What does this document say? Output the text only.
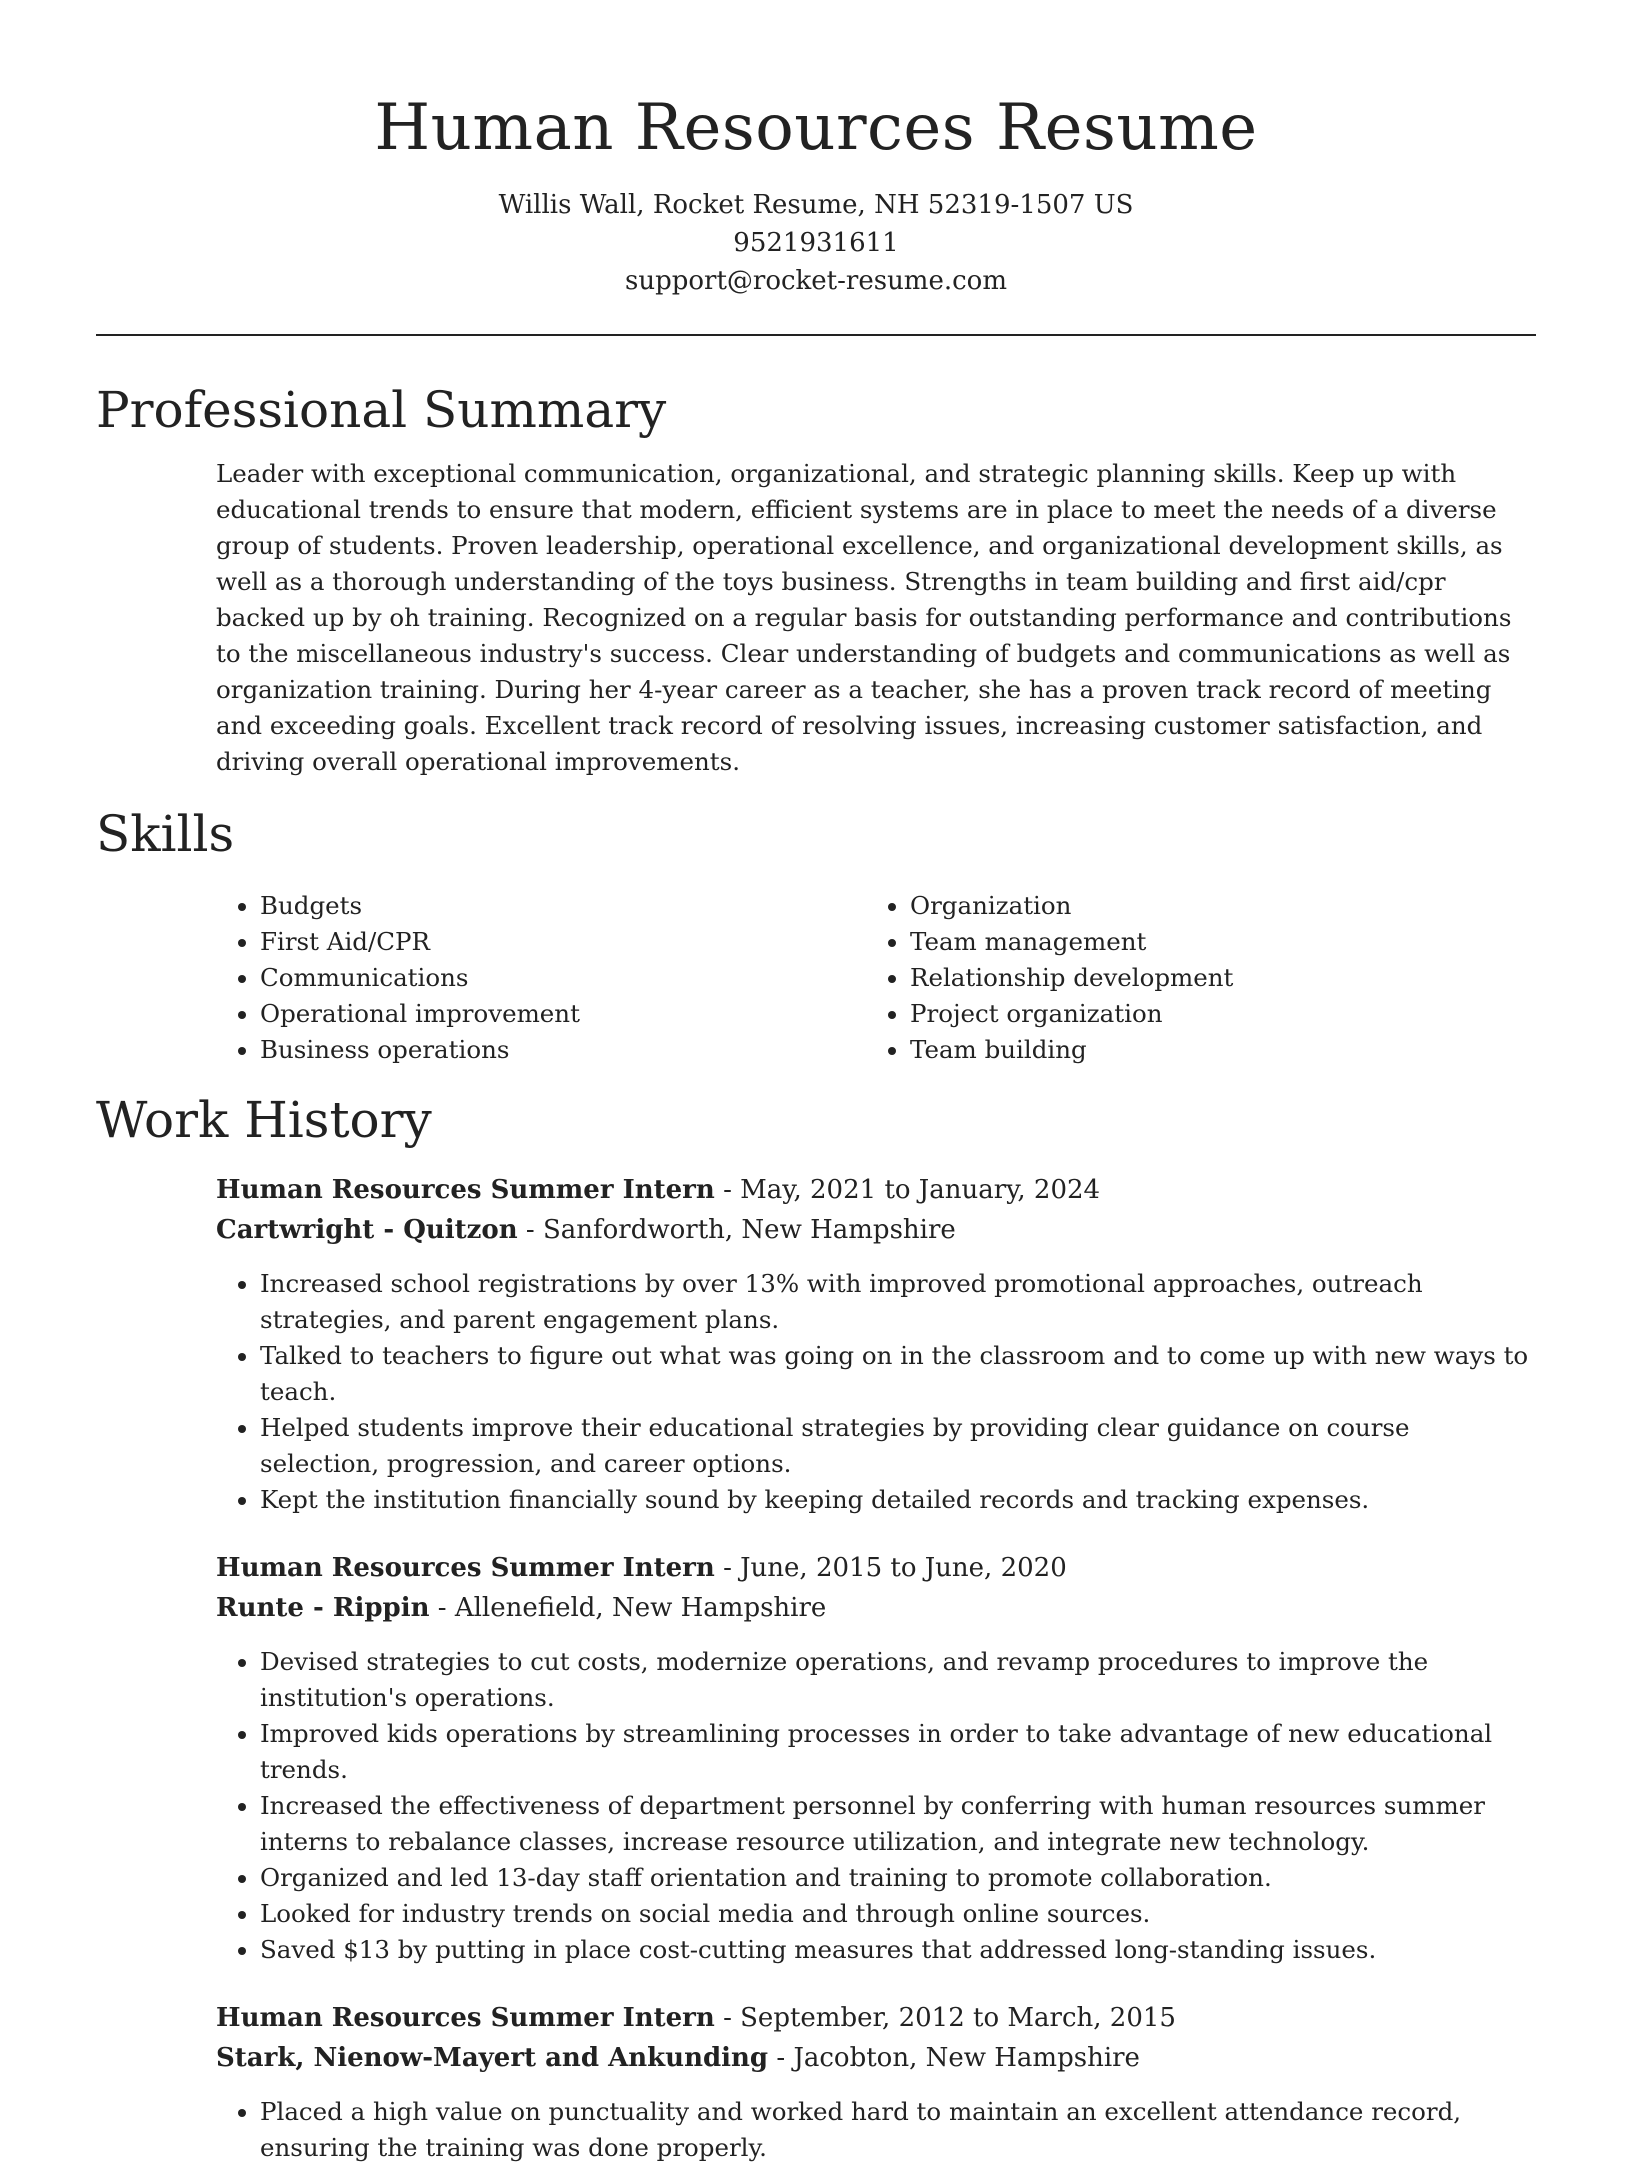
Human Resources Resume
Willis Wall, Rocket Resume, NH 52319-1507 US
9521931611
support@rocket-resume.com
Professional Summary
Leader with exceptional communication, organizational, and strategic planning skills. Keep up with educational trends to ensure that modern, efficient systems are in place to meet the needs of a diverse group of students. Proven leadership, operational excellence, and organizational development skills, as well as a thorough understanding of the toys business. Strengths in team building and first aid/cpr backed up by oh training. Recognized on a regular basis for outstanding performance and contributions to the miscellaneous industry's success. Clear understanding of budgets and communications as well as organization training. During her 4-year career as a teacher, she has a proven track record of meeting and exceeding goals. Excellent track record of resolving issues, increasing customer satisfaction, and driving overall operational improvements.
Skills
• Budgets
• First Aid/CPR
• Communications
• Operational improvement
• Business operations
• Organization
• Team management
• Relationship development
• Project organization
• Team building
Work History
Human Resources Summer Intern - May, 2021 to January, 2024
Cartwright - Quitzon - Sanfordworth, New Hampshire
• Increased school registrations by over 13% with improved promotional approaches, outreach strategies, and parent engagement plans.
• Talked to teachers to figure out what was going on in the classroom and to come up with new ways to teach.
• Helped students improve their educational strategies by providing clear guidance on course selection, progression, and career options.
• Kept the institution financially sound by keeping detailed records and tracking expenses.
Human Resources Summer Intern - June, 2015 to June, 2020
Runte - Rippin - Allenefield, New Hampshire
• Devised strategies to cut costs, modernize operations, and revamp procedures to improve the institution's operations.
• Improved kids operations by streamlining processes in order to take advantage of new educational trends.
• Increased the effectiveness of department personnel by conferring with human resources summer interns to rebalance classes, increase resource utilization, and integrate new technology.
• Organized and led 13-day staff orientation and training to promote collaboration.
• Looked for industry trends on social media and through online sources.
• Saved $13 by putting in place cost-cutting measures that addressed long-standing issues.
Human Resources Summer Intern - September, 2012 to March, 2015
Stark, Nienow-Mayert and Ankunding - Jacobton, New Hampshire
• Placed a high value on punctuality and worked hard to maintain an excellent attendance record, ensuring the training was done properly.
